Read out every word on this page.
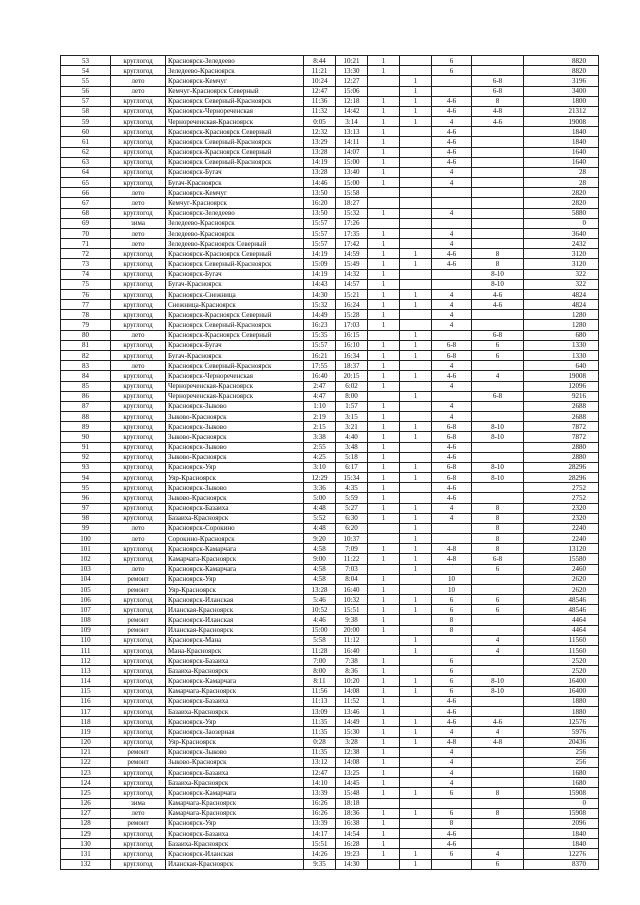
53	круглогод	Красноярск-Зеледеево	8:44	10:21	1		6		8820
54	круглогод	Зеледеево-Красноярск	11:21	13:30	1		6		8820
55	лето	Красноярск-Кемчуг	10:24	12:27		1		6-8	3196
56	лето	Кемчуг-Красноярск Северный	12:47	15:06		1		6-8	3400
57	круглогод	Красноярск Северный-Красноярск	11:36	12:18	1	1	4-6	8	1800
58	круглогод	Красноярск-Чернореченская	11:32	14:42	1	1	4-6	4-8	21312
59	круглогод	Чернореченская-Красноярск	0:05	3:14	1	1	4	4-6	19008
60	круглогод	Красноярск-Красноярск Северный	12:32	13:13	1		4-6		1840
61	круглогод	Красноярск Северный-Красноярск	13:29	14:11	1		4-6		1840
62	круглогод	Красноярск-Красноярск Северный	13:28	14:07	1		4-6		1640
63	круглогод	Красноярск Северный-Красноярск	14:19	15:00	1		4-6		1640
64	круглогод	Красноярск-Бугач	13:28	13:40	1		4		28
65	круглогод	Бугач-Красноярск	14:46	15:00	1		4		28
66	лето	Красноярск-Кемчуг	13:50	15:58					2820
67	лето	Кемчуг-Красноярск	16:20	18:27					2820
68	круглогод	Красноярск-Зеледеево	13:50	15:32	1		4		5880
69	зима	Зеледеево-Красноярск	15:57	17:26					0
70	лето	Зеледеево-Красноярск	15:57	17:35	1		4		3640
71	лето	Зеледеево-Красноярск Северный	15:57	17:42	1		4		2432
72	круглогод	Красноярск-Красноярск Северный	14:19	14:59	1	1	4-6	8	3120
73	круглогод	Красноярск Северный-Красноярск	15:09	15:49	1	1	4-6	8	3120
74	круглогод	Красноярск-Бугач	14:19	14:32	1			8-10	322
75	круглогод	Бугач-Красноярск	14:43	14:57	1			8-10	322
76	круглогод	Красноярск-Снежница	14:30	15:21	1	1	4	4-6	4824
77	круглогод	Снежница-Красноярск	15:32	16:24	1	1	4	4-6	4824
78	круглогод	Красноярск-Красноярск Северный	14:49	15:28	1		4		1280
79	круглогод	Красноярск Северный-Красноярск	16:23	17:03	1		4		1280
80	лето	Красноярск-Красноярск Северный	15:35	16:15		1		6-8	680
81	круглогод	Красноярск-Бугач	15:57	16:10	1	1	6-8	6	1330
82	круглогод	Бугач-Красноярск	16:21	16:34	1	1	6-8	6	1330
83	лето	Красноярск Северный-Красноярск	17:55	18:37	1		4		640
84	круглогод	Красноярск-Чернореченская	16:40	20:15	1	1	4-6	4	19008
85	круглогод	Чернореченская-Красноярск	2:47	6:02	1		4		12096
86	круглогод	Чернореченская-Красноярск	4:47	8:00		1		6-8	9216
87	круглогод	Красноярск-Зыково	1:10	1:57	1		4		2688
88	круглогод	Зыково-Красноярск	2:19	3:15	1		4		2688
89	круглогод	Красноярск-Зыково	2:15	3:21	1	1	6-8	8-10	7872
90	круглогод	Зыково-Красноярск	3:38	4:40	1	1	6-8	8-10	7872
91	круглогод	Красноярск-Зыково	2:55	3:48	1		4-6		2880
92	круглогод	Зыково-Красноярск	4:25	5:18	1		4-6		2880
93	круглогод	Красноярск-Уяр	3:10	6:17	1	1	6-8	8-10	28296
94	круглогод	Уяр-Красноярск	12:29	15:34	1	1	6-8	8-10	28296
95	круглогод	Красноярск-Зыково	3:36	4:35	1		4-6		2752
96	круглогод	Зыково-Красноярск	5:00	5:59	1		4-6		2752
97	круглогод	Красноярск-Базаиха	4:48	5:27	1	1	4	8	2320
98	круглогод	Базаиха-Красноярск	5:52	6:30	1	1	4	8	2320
99	лето	Красноярск-Сорокино	4:48	6:20		1		8	2240
100	лето	Сорокино-Красноярск	9:20	10:37		1		8	2240
101	круглогод	Красноярск-Камарчага	4:58	7:09	1	1	4-8	8	13120
102	круглогод	Камарчага-Красноярск	9:00	11:22	1	1	4-8	6-8	15580
103	лето	Красноярск-Камарчага	4:58	7:03		1		6	2460
104	ремонт	Красноярск-Уяр	4:58	8:04	1		10		2620
105	ремонт	Уяр-Красноярск	13:28	16:40	1		10		2620
106	круглогод	Красноярск-Иланская	5:46	10:32	1	1	6	6	48546
107	круглогод	Иланская-Красноярск	10:52	15:51	1	1	6	6	48546
108	ремонт	Красноярск-Иланская	4:46	9:38	1		8		4464
109	ремонт	Иланская-Красноярск	15:00	20:00	1		8		4464
110	круглогод	Красноярск-Мана	5:58	11:12		1		4	11560
111	круглогод	Мана-Красноярск	11:28	16:40		1		4	11560
112	круглогод	Красноярск-Базаиха	7:00	7:38	1		6		2520
113	круглогод	Базаиха-Красноярск	8:00	8:36	1		6		2520
114	круглогод	Красноярск-Камарчага	8:11	10:20	1	1	6	8-10	16400
115	круглогод	Камарчага-Красноярск	11:56	14:08	1	1	6	8-10	16400
116	круглогод	Красноярск-Базаиха	11:13	11:52	1		4-6		1880
117	круглогод	Базаиха-Красноярск	13:09	13:46	1		4-6		1880
118	круглогод	Красноярск-Уяр	11:35	14:49	1	1	4-6	4-6	12576
119	круглогод	Красноярск-Заозерная	11:35	15:30	1	1	4	4	5976
120	круглогод	Уяр-Красноярск	0:28	3:28	1	1	4-8	4-8	20436
121	ремонт	Красноярск-Зыково	11:35	12:38	1		4		256
122	ремонт	Зыково-Красноярск	13:12	14:08	1		4		256
123	круглогод	Красноярск-Базаиха	12:47	13:25	1		4		1680
124	круглогод	Базаиха-Красноярск	14:10	14:45	1		4		1680
125	круглогод	Красноярск-Камарчага	13:39	15:48	1	1	6	8	15908
126	зима	Камарчага-Красноярск	16:26	18:18					0
127	лето	Камарчага-Красноярск	16:26	18:36	1	1	6	8	15908
128	ремонт	Красноярск-Уяр	13:39	16:38	1		8		2096
129	круглогод	Красноярск-Базаиха	14:17	14:54	1		4-6		1840
130	круглогод	Базаиха-Красноярск	15:51	16:28	1		4-6		1840
131	круглогод	Красноярск-Иланская	14:26	19:23	1	1	6	4	12276
132	круглогод	Иланская-Красноярск	9:35	14:30		1		6	8370
